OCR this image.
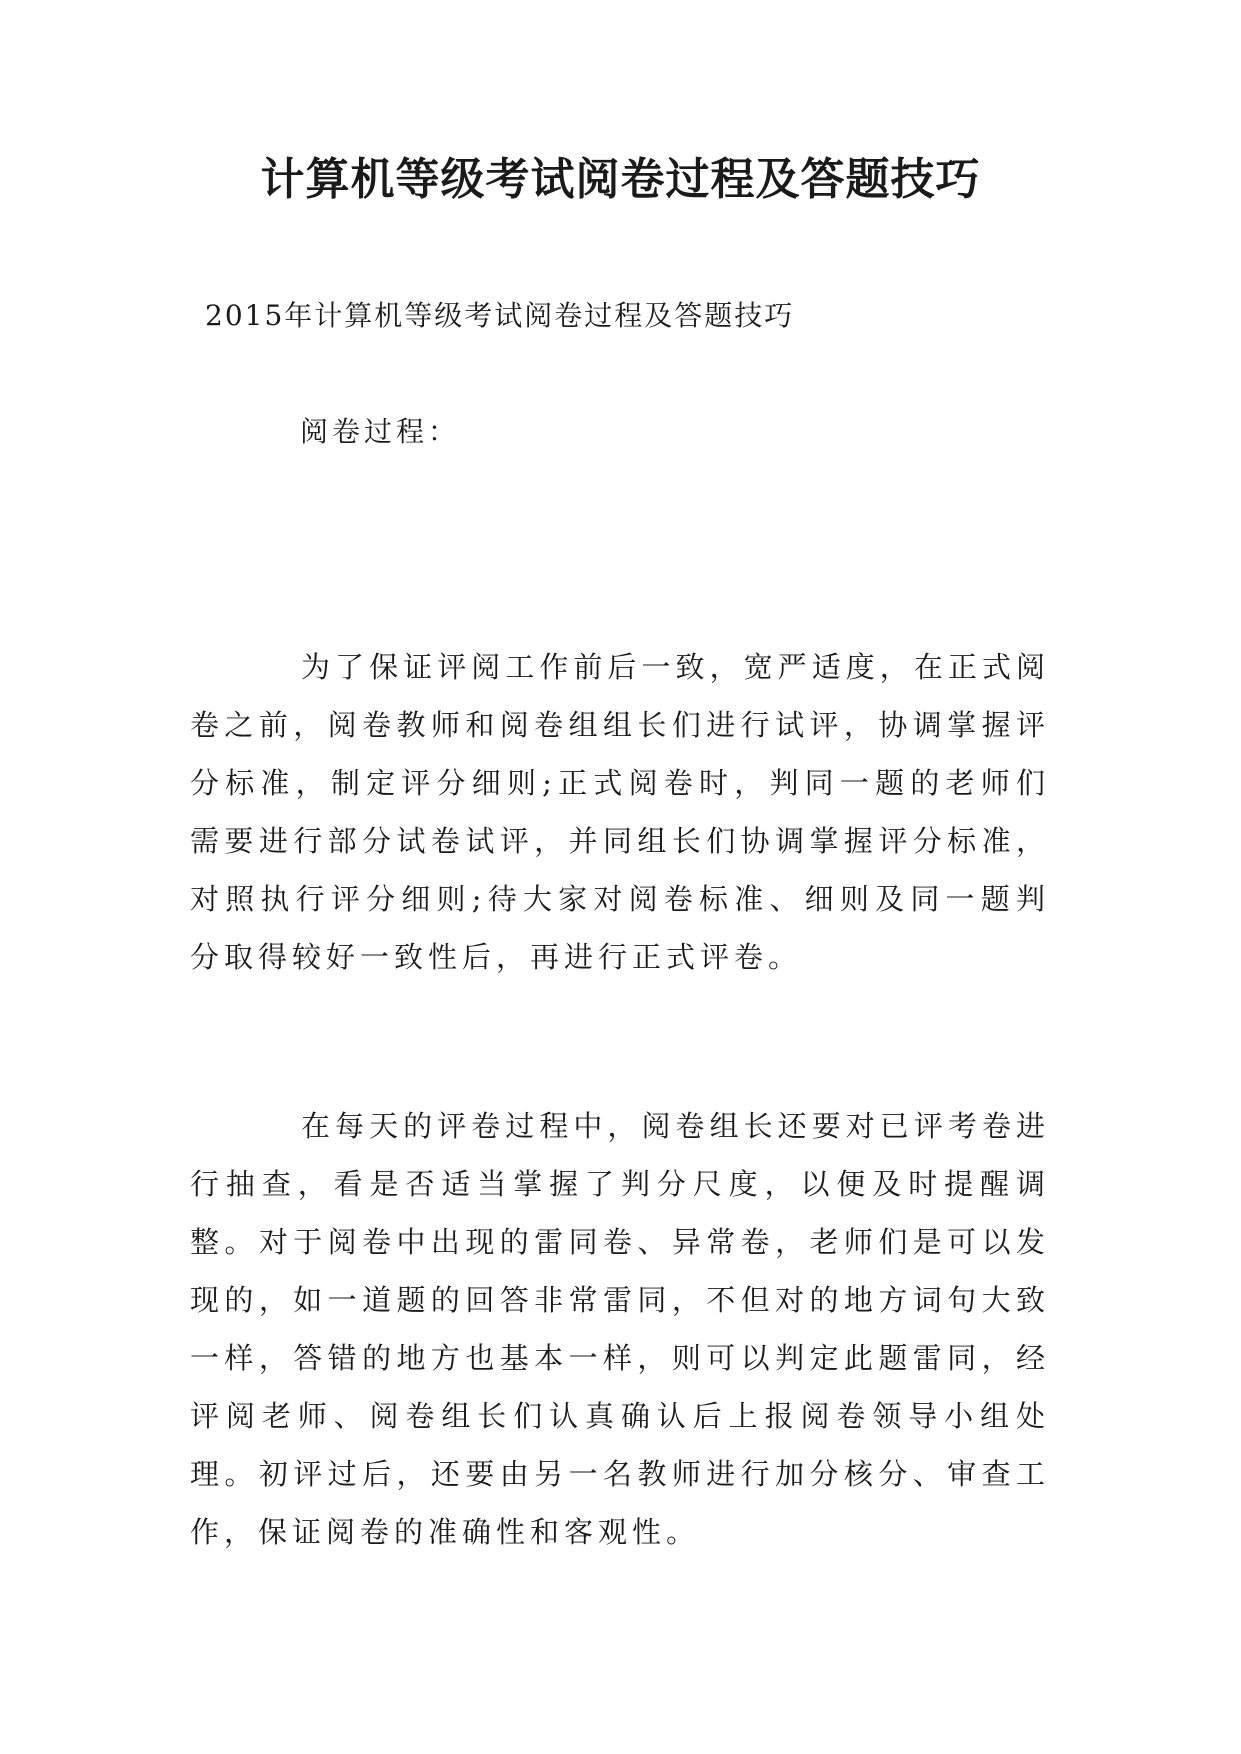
计算机等级考试阅卷过程及答题技巧

2015年计算机等级考试阅卷过程及答题技巧

阅卷过程：

为了保证评阅工作前后一致，宽严适度，在正式阅卷之前，阅卷教师和阅卷组组长们进行试评，协调掌握评分标准，制定评分细则;正式阅卷时，判同一题的老师们需要进行部分试卷试评，并同组长们协调掌握评分标准，对照执行评分细则;待大家对阅卷标准、细则及同一题判分取得较好一致性后，再进行正式评卷。

在每天的评卷过程中，阅卷组长还要对已评考卷进行抽查，看是否适当掌握了判分尺度，以便及时提醒调整。对于阅卷中出现的雷同卷、异常卷，老师们是可以发现的，如一道题的回答非常雷同，不但对的地方词句大致一样，答错的地方也基本一样，则可以判定此题雷同，经评阅老师、阅卷组长们认真确认后上报阅卷领导小组处理。初评过后，还要由另一名教师进行加分核分、审查工作，保证阅卷的准确性和客观性。
